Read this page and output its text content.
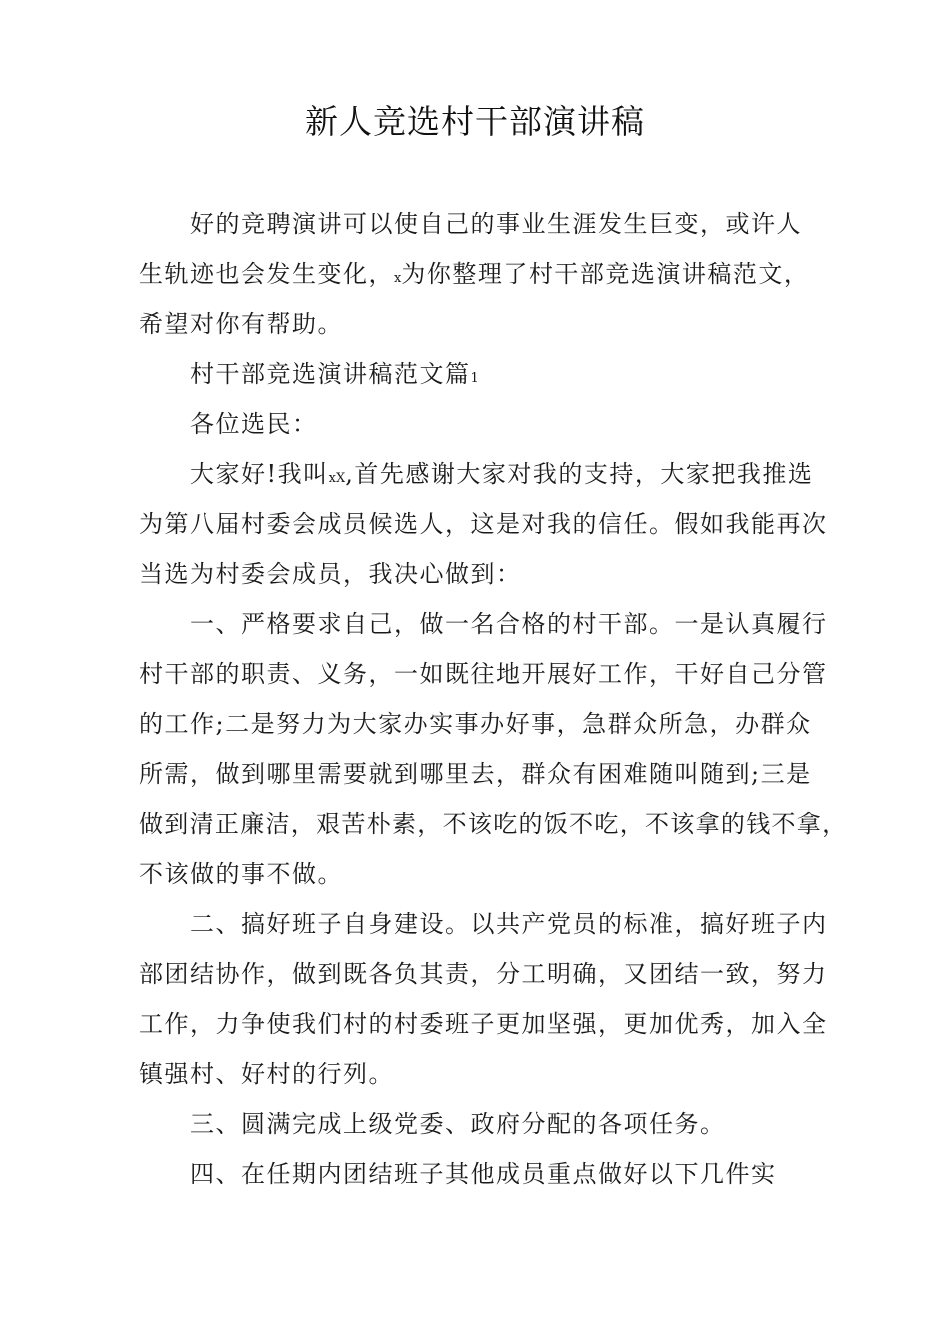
新人竞选村干部演讲稿
好的竞聘演讲可以使自己的事业生涯发生巨变，或许人
生轨迹也会发生变化，x为你整理了村干部竞选演讲稿范文，
希望对你有帮助。
村干部竞选演讲稿范文篇1
各位选民：
大家好!我叫xX,首先感谢大家对我的支持，大家把我推选
为第八届村委会成员候选人，这是对我的信任。假如我能再次
当选为村委会成员，我决心做到：
一、严格要求自己，做一名合格的村干部。一是认真履行
村干部的职责、义务，一如既往地开展好工作，干好自己分管
的工作;二是努力为大家办实事办好事，急群众所急，办群众
所需，做到哪里需要就到哪里去，群众有困难随叫随到;三是
做到清正廉洁，艰苦朴素，不该吃的饭不吃，不该拿的钱不拿，
不该做的事不做。
二、搞好班子自身建设。以共产党员的标准，搞好班子内
部团结协作，做到既各负其责，分工明确，又团结一致，努力
工作，力争使我们村的村委班子更加坚强，更加优秀，加入全
镇强村、好村的行列。
三、圆满完成上级党委、政府分配的各项任务。
四、在任期内团结班子其他成员重点做好以下几件实
